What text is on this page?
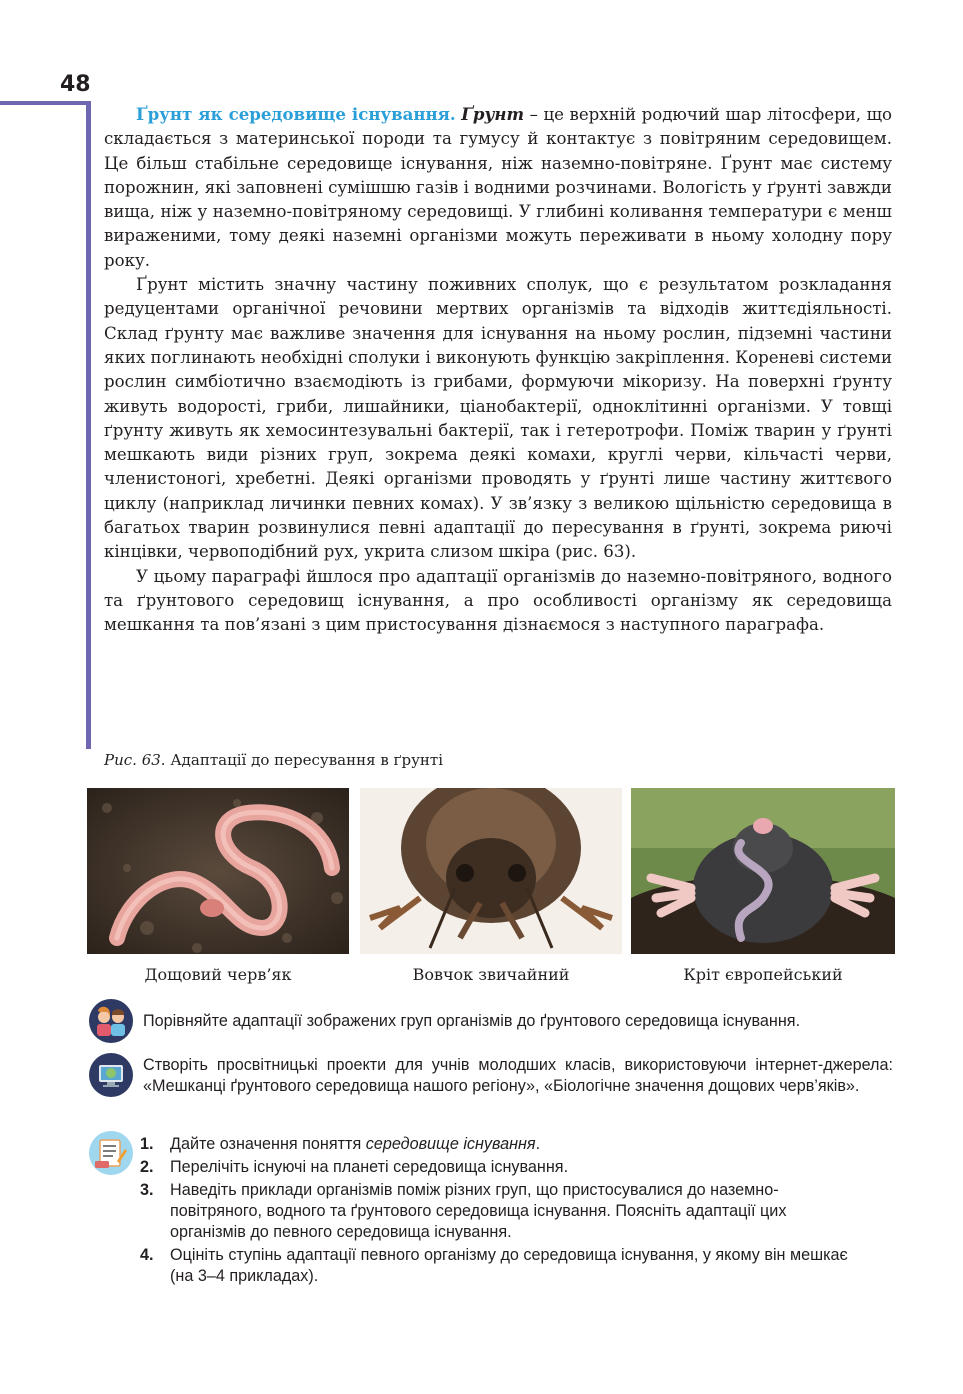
48

Ґрунт як середовище існування. Ґрунт – це верхній родючий шар літосфери, що складається з материнської породи та гумусу й контактує з повітряним середовищем. Це більш стабільне середовище існування, ніж наземно-повітряне. Ґрунт має систему порожнин, які заповнені сумішшю газів і водними розчинами. Вологість у ґрунті завжди вища, ніж у наземно-повітряному середовищі. У глибині коливання температури є менш вираженими, тому деякі наземні організми можуть переживати в ньому холодну пору року.

Ґрунт містить значну частину поживних сполук, що є результатом розкладання редуцентами органічної речовини мертвих організмів та відходів життєдіяльності. Склад ґрунту має важливе значення для існування на ньому рослин, підземні частини яких поглинають необхідні сполуки і виконують функцію закріплення. Кореневі системи рослин симбіотично взаємодіють із грибами, формуючи мікоризу. На поверхні ґрунту живуть водорості, гриби, лишайники, ціанобактерії, одноклітинні організми. У товщі ґрунту живуть як хемосинтезувальні бактерії, так і гетеротрофи. Поміж тварин у ґрунті мешкають види різних груп, зокрема деякі комахи, круглі черви, кільчасті черви, членистоногі, хребетні. Деякі організми проводять у ґрунті лише частину життєвого циклу (наприклад личинки певних комах). У зв’язку з великою щільністю середовища в багатьох тварин розвинулися певні адаптації до пересування в ґрунті, зокрема риючі кінцівки, червоподібний рух, укрита слизом шкіра (рис. 63).

У цьому параграфі йшлося про адаптації організмів до наземно-повітряного, водного та ґрунтового середовищ існування, а про особливості організму як середовища мешкання та пов’язані з цим пристосування дізнаємося з наступного параграфа.

Рис. 63. Адаптації до пересування в ґрунті
Дощовий черв’як	Вовчок звичайний	Кріт європейський
Порівняйте адаптації зображених груп організмів до ґрунтового середовища існування.
Створіть просвітницькі проекти для учнів молодших класів, використовуючи інтернет-джерела: «Мешканці ґрунтового середовища нашого регіону», «Біологічне значення дощових черв’яків».
1. Дайте означення поняття середовище існування.
2. Перелічіть існуючі на планеті середовища існування.
3. Наведіть приклади організмів поміж різних груп, що пристосувалися до наземно-повітряного, водного та ґрунтового середовища існування. Поясніть адаптації цих організмів до певного середовища існування.
4. Оцініть ступінь адаптації певного організму до середовища існування, у якому він мешкає (на 3–4 прикладах).
